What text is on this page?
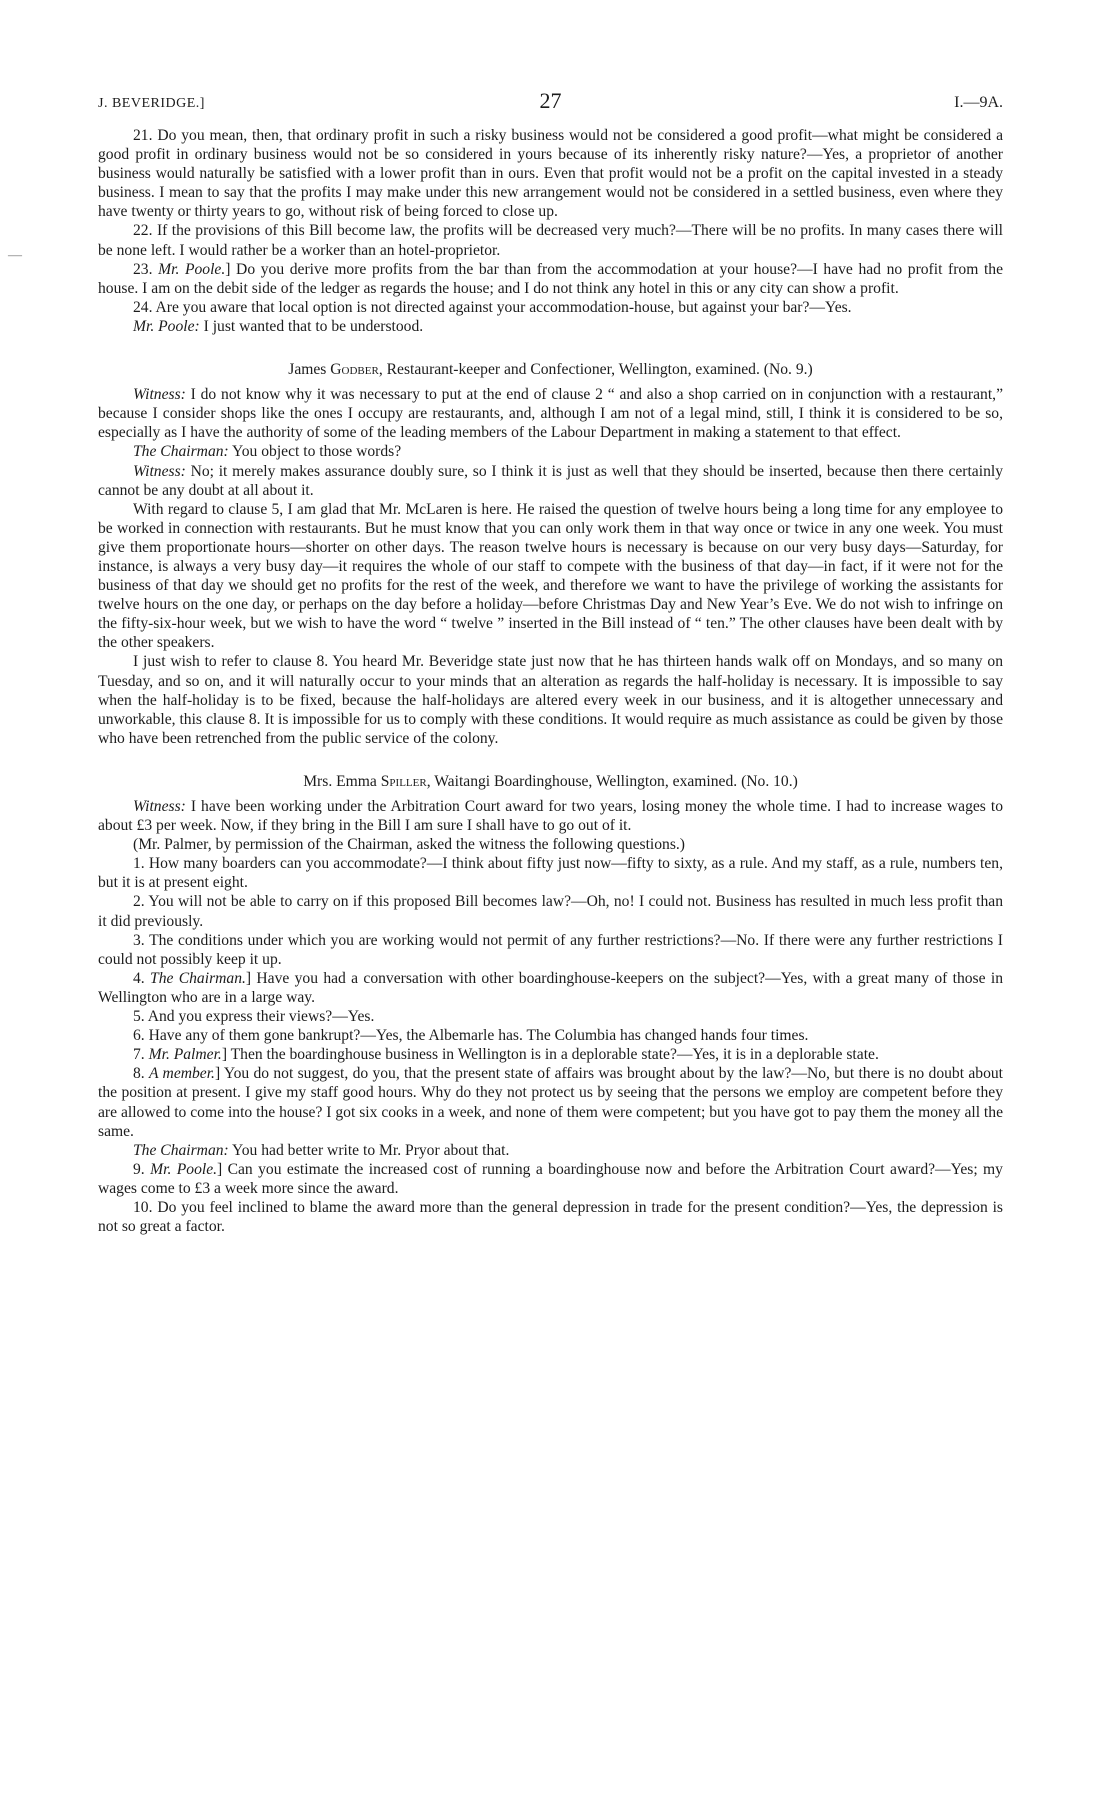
—
J. BEVERIDGE.]	27	I.—9A.

21. Do you mean, then, that ordinary profit in such a risky business would not be considered a good profit—what might be considered a good profit in ordinary business would not be so considered in yours because of its inherently risky nature?—Yes, a proprietor of another business would naturally be satisfied with a lower profit than in ours. Even that profit would not be a profit on the capital invested in a steady business. I mean to say that the profits I may make under this new arrangement would not be considered in a settled business, even where they have twenty or thirty years to go, without risk of being forced to close up.

22. If the provisions of this Bill become law, the profits will be decreased very much?—There will be no profits. In many cases there will be none left. I would rather be a worker than an hotel-proprietor.

23. Mr. Poole.] Do you derive more profits from the bar than from the accommodation at your house?—I have had no profit from the house. I am on the debit side of the ledger as regards the house; and I do not think any hotel in this or any city can show a profit.

24. Are you aware that local option is not directed against your accommodation-house, but against your bar?—Yes.

Mr. Poole: I just wanted that to be understood.

James Godber, Restaurant-keeper and Confectioner, Wellington, examined. (No. 9.)

Witness: I do not know why it was necessary to put at the end of clause 2 “ and also a shop carried on in conjunction with a restaurant,” because I consider shops like the ones I occupy are restaurants, and, although I am not of a legal mind, still, I think it is considered to be so, especially as I have the authority of some of the leading members of the Labour Department in making a statement to that effect.

The Chairman: You object to those words?

Witness: No; it merely makes assurance doubly sure, so I think it is just as well that they should be inserted, because then there certainly cannot be any doubt at all about it.

With regard to clause 5, I am glad that Mr. McLaren is here. He raised the question of twelve hours being a long time for any employee to be worked in connection with restaurants. But he must know that you can only work them in that way once or twice in any one week. You must give them proportionate hours—shorter on other days. The reason twelve hours is necessary is because on our very busy days—Saturday, for instance, is always a very busy day—it requires the whole of our staff to compete with the business of that day—in fact, if it were not for the business of that day we should get no profits for the rest of the week, and therefore we want to have the privilege of working the assistants for twelve hours on the one day, or perhaps on the day before a holiday—before Christmas Day and New Year’s Eve. We do not wish to infringe on the fifty-six-hour week, but we wish to have the word “ twelve ” inserted in the Bill instead of “ ten.” The other clauses have been dealt with by the other speakers.

I just wish to refer to clause 8. You heard Mr. Beveridge state just now that he has thirteen hands walk off on Mondays, and so many on Tuesday, and so on, and it will naturally occur to your minds that an alteration as regards the half-holiday is necessary. It is impossible to say when the half-holiday is to be fixed, because the half-holidays are altered every week in our business, and it is altogether unnecessary and unworkable, this clause 8. It is impossible for us to comply with these conditions. It would require as much assistance as could be given by those who have been retrenched from the public service of the colony.

Mrs. Emma Spiller, Waitangi Boardinghouse, Wellington, examined. (No. 10.)

Witness: I have been working under the Arbitration Court award for two years, losing money the whole time. I had to increase wages to about £3 per week. Now, if they bring in the Bill I am sure I shall have to go out of it.

(Mr. Palmer, by permission of the Chairman, asked the witness the following questions.)

1. How many boarders can you accommodate?—I think about fifty just now—fifty to sixty, as a rule. And my staff, as a rule, numbers ten, but it is at present eight.

2. You will not be able to carry on if this proposed Bill becomes law?—Oh, no! I could not. Business has resulted in much less profit than it did previously.

3. The conditions under which you are working would not permit of any further restrictions?—No. If there were any further restrictions I could not possibly keep it up.

4. The Chairman.] Have you had a conversation with other boardinghouse-keepers on the subject?—Yes, with a great many of those in Wellington who are in a large way.

5. And you express their views?—Yes.

6. Have any of them gone bankrupt?—Yes, the Albemarle has. The Columbia has changed hands four times.

7. Mr. Palmer.] Then the boardinghouse business in Wellington is in a deplorable state?—Yes, it is in a deplorable state.

8. A member.] You do not suggest, do you, that the present state of affairs was brought about by the law?—No, but there is no doubt about the position at present. I give my staff good hours. Why do they not protect us by seeing that the persons we employ are competent before they are allowed to come into the house? I got six cooks in a week, and none of them were competent; but you have got to pay them the money all the same.

The Chairman: You had better write to Mr. Pryor about that.

9. Mr. Poole.] Can you estimate the increased cost of running a boardinghouse now and before the Arbitration Court award?—Yes; my wages come to £3 a week more since the award.

10. Do you feel inclined to blame the award more than the general depression in trade for the present condition?—Yes, the depression is not so great a factor.
